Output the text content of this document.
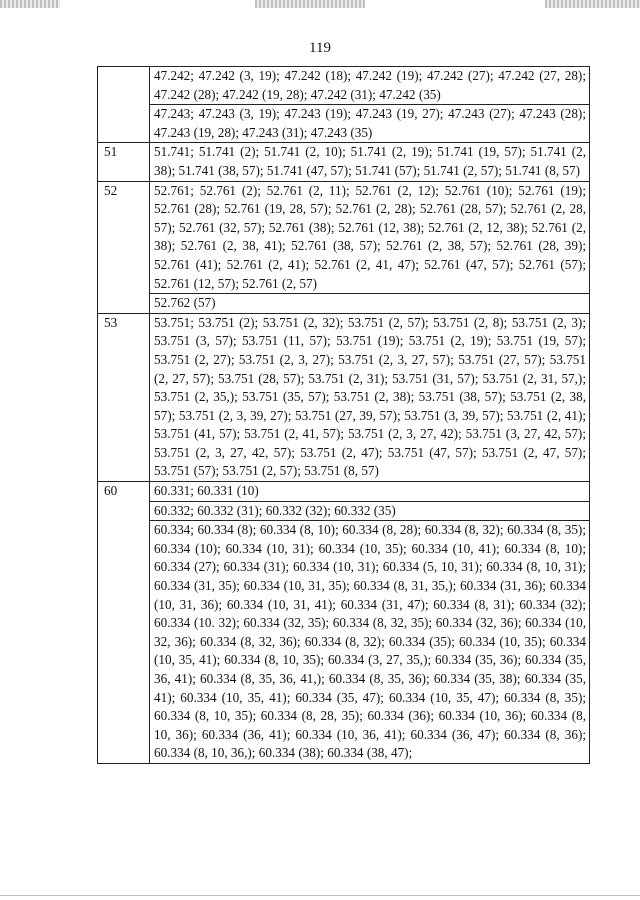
119
	47.242; 47.242 (3, 19); 47.242 (18); 47.242 (19); 47.242 (27); 47.242 (27, 28); 47.242 (28); 47.242 (19, 28); 47.242 (31); 47.242 (35)
	47.243; 47.243 (3, 19); 47.243 (19); 47.243 (19, 27); 47.243 (27); 47.243 (28); 47.243 (19, 28); 47.243 (31); 47.243 (35)
51	51.741; 51.741 (2); 51.741 (2, 10); 51.741 (2, 19); 51.741 (19, 57); 51.741 (2, 38); 51.741 (38, 57); 51.741 (47, 57); 51.741 (57); 51.741 (2, 57); 51.741 (8, 57)
52	52.761; 52.761 (2); 52.761 (2, 11); 52.761 (2, 12); 52.761 (10); 52.761 (19); 52.761 (28); 52.761 (19, 28, 57); 52.761 (2, 28); 52.761 (28, 57); 52.761 (2, 28, 57); 52.761 (32, 57); 52.761 (38); 52.761 (12, 38); 52.761 (2, 12, 38); 52.761 (2, 38); 52.761 (2, 38, 41); 52.761 (38, 57); 52.761 (2, 38, 57); 52.761 (28, 39); 52.761 (41); 52.761 (2, 41); 52.761 (2, 41, 47); 52.761 (47, 57); 52.761 (57); 52.761 (12, 57); 52.761 (2, 57)
	52.762 (57)
53	53.751; 53.751 (2); 53.751 (2, 32); 53.751 (2, 57); 53.751 (2, 8); 53.751 (2, 3); 53.751 (3, 57); 53.751 (11, 57); 53.751 (19); 53.751 (2, 19); 53.751 (19, 57); 53.751 (2, 27); 53.751 (2, 3, 27); 53.751 (2, 3, 27, 57); 53.751 (27, 57); 53.751 (2, 27, 57); 53.751 (28, 57); 53.751 (2, 31); 53.751 (31, 57); 53.751 (2, 31, 57,); 53.751 (2, 35,); 53.751 (35, 57); 53.751 (2, 38); 53.751 (38, 57); 53.751 (2, 38, 57); 53.751 (2, 3, 39, 27); 53.751 (27, 39, 57); 53.751 (3, 39, 57); 53.751 (2, 41); 53.751 (41, 57); 53.751 (2, 41, 57); 53.751 (2, 3, 27, 42); 53.751 (3, 27, 42, 57); 53.751 (2, 3, 27, 42, 57); 53.751 (2, 47); 53.751 (47, 57); 53.751 (2, 47, 57); 53.751 (57); 53.751 (2, 57); 53.751 (8, 57)
60	60.331; 60.331 (10)
	60.332; 60.332 (31); 60.332 (32); 60.332 (35)
	60.334; 60.334 (8); 60.334 (8, 10); 60.334 (8, 28); 60.334 (8, 32); 60.334 (8, 35); 60.334 (10); 60.334 (10, 31); 60.334 (10, 35); 60.334 (10, 41); 60.334 (8, 10); 60.334 (27); 60.334 (31); 60.334 (10, 31); 60.334 (5, 10, 31); 60.334 (8, 10, 31); 60.334 (31, 35); 60.334 (10, 31, 35); 60.334 (8, 31, 35,); 60.334 (31, 36); 60.334 (10, 31, 36); 60.334 (10, 31, 41); 60.334 (31, 47); 60.334 (8, 31); 60.334 (32); 60.334 (10. 32); 60.334 (32, 35); 60.334 (8, 32, 35); 60.334 (32, 36); 60.334 (10, 32, 36); 60.334 (8, 32, 36); 60.334 (8, 32); 60.334 (35); 60.334 (10, 35); 60.334 (10, 35, 41); 60.334 (8, 10, 35); 60.334 (3, 27, 35,); 60.334 (35, 36); 60.334 (35, 36, 41); 60.334 (8, 35, 36, 41,); 60.334 (8, 35, 36); 60.334 (35, 38); 60.334 (35, 41); 60.334 (10, 35, 41); 60.334 (35, 47); 60.334 (10, 35, 47); 60.334 (8, 35); 60.334 (8, 10, 35); 60.334 (8, 28, 35); 60.334 (36); 60.334 (10, 36); 60.334 (8, 10, 36); 60.334 (36, 41); 60.334 (10, 36, 41); 60.334 (36, 47); 60.334 (8, 36); 60.334 (8, 10, 36,); 60.334 (38); 60.334 (38, 47);
